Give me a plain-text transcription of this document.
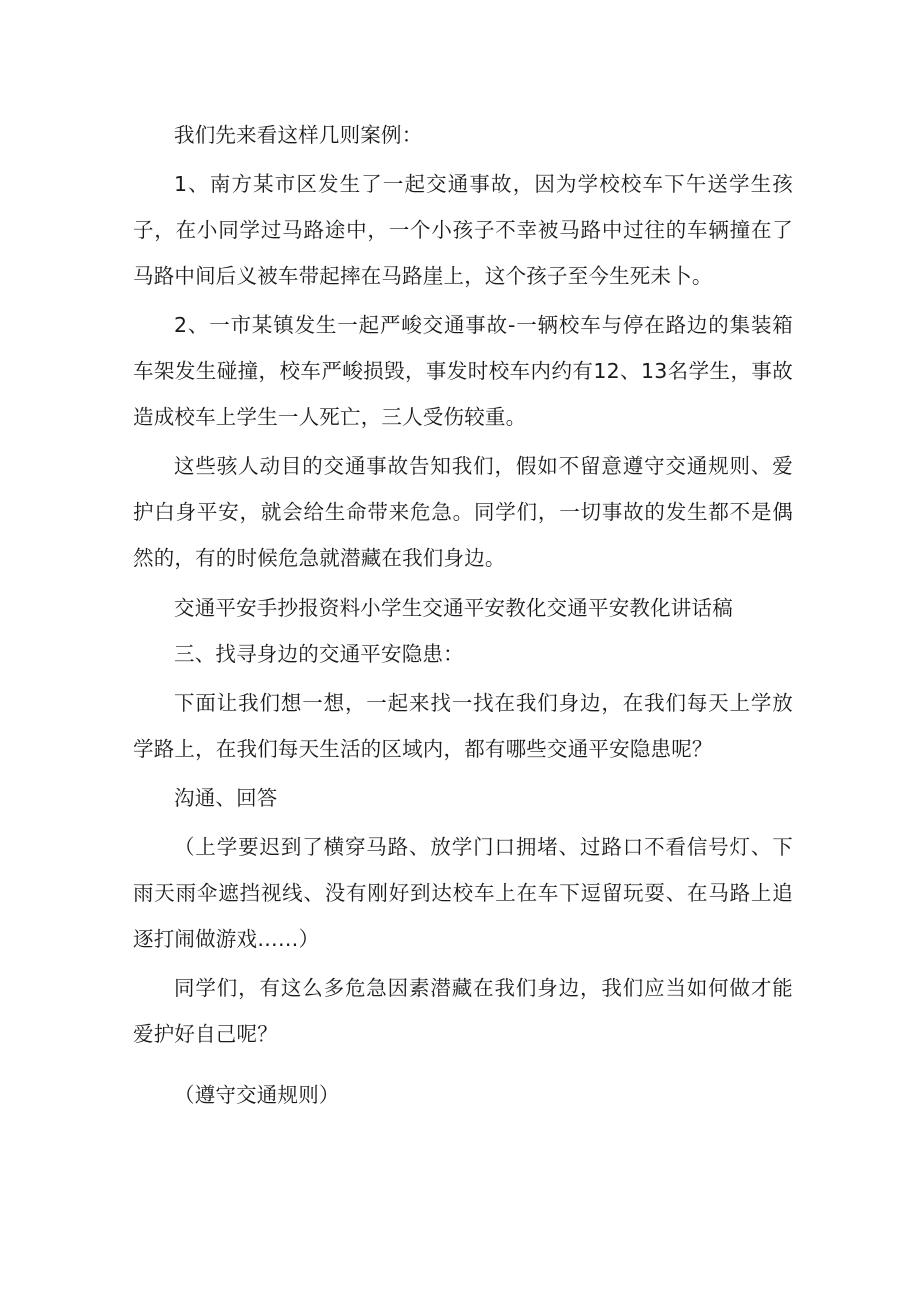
我们先来看这样几则案例：

1、南方某市区发生了一起交通事故，因为学校校车下午送学生孩子，在小同学过马路途中，一个小孩子不幸被马路中过往的车辆撞在了马路中间后义被车带起摔在马路崖上，这个孩子至今生死未卜。

2、一市某镇发生一起严峻交通事故-一辆校车与停在路边的集装箱车架发生碰撞，校车严峻损毁，事发时校车内约有12、13名学生，事故造成校车上学生一人死亡，三人受伤较重。

这些骇人动目的交通事故告知我们，假如不留意遵守交通规则、爱护白身平安，就会给生命带来危急。同学们，一切事故的发生都不是偶然的，有的时候危急就潜藏在我们身边。

交通平安手抄报资料小学生交通平安教化交通平安教化讲话稿

三、找寻身边的交通平安隐患：

下面让我们想一想，一起来找一找在我们身边，在我们每天上学放学路上，在我们每天生活的区域内，都有哪些交通平安隐患呢？

沟通、回答

（上学要迟到了横穿马路、放学门口拥堵、过路口不看信号灯、下雨天雨伞遮挡视线、没有刚好到达校车上在车下逗留玩耍、在马路上追逐打闹做游戏……）

同学们，有这么多危急因素潜藏在我们身边，我们应当如何做才能爱护好自己呢？

（遵守交通规则）
